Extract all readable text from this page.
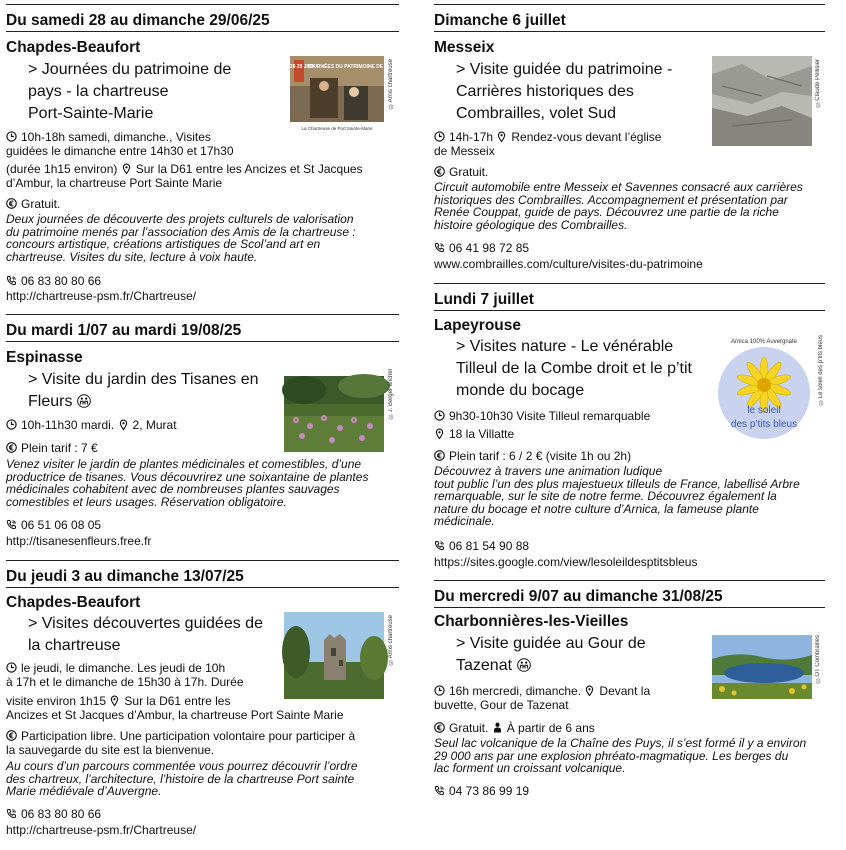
Du samedi 28 au dimanche 29/06/25
Chapdes-Beaufort
> Journées du patrimoine de
pays - la chartreuse
Port-Sainte-Marie
27 28 29 JUIN
La Chartreuse de Port Sainte-Marie
JOURNÉES DU PATRIMOINE DE PAYS
©Amis chartreuse
10h-18h samedi, dimanche., Visites
guidées le dimanche entre 14h30 et 17h30
(durée 1h15 environ) Sur la D61 entre les Ancizes et St Jacques
d’Ambur, la chartreuse Port Sainte Marie
Gratuit.
Deux journées de découverte des projets culturels de valorisation
du patrimoine menés par l’association des Amis de la chartreuse :
concours artistique, créations artistiques de Scol’and art en
chartreuse. Visites du site, lecture à voix haute.
06 83 80 80 66
http://chartreuse-psm.fr/Chartreuse/
Du mardi 1/07 au mardi 19/08/25
Espinasse
> Visite du jardin des Tisanes en
Fleurs	©J. Berger Michel
10h-11h30 mardi. 2, Murat
Plein tarif : 7 €
Venez visiter le jardin de plantes médicinales et comestibles, d’une
productrice de tisanes. Vous découvrirez une soixantaine de plantes
médicinales cohabitent avec de nombreuses plantes sauvages
comestibles et leurs usages. Réservation obligatoire.
06 51 06 08 05
http://tisanesenfleurs.free.fr
Du jeudi 3 au dimanche 13/07/25
Chapdes-Beaufort
> Visites découvertes guidées de
la chartreuse	©Amis chartreuse
le jeudi, le dimanche. Les jeudi de 10h
à 17h et le dimanche de 15h30 à 17h. Durée
visite environ 1h15 Sur la D61 entre les
Ancizes et St Jacques d’Ambur, la chartreuse Port Sainte Marie
Participation libre. Une participation volontaire pour participer à
la sauvegarde du site est la bienvenue.
Au cours d’un parcours commentée vous pourrez découvrir l’ordre
des chartreux, l’architecture, l’histoire de la chartreuse Port sainte
Marie médiévale d’Auvergne.
06 83 80 80 66
http://chartreuse-psm.fr/Chartreuse/
Dimanche 6 juillet
Messeix
> Visite guidée du patrimoine -
Carrières historiques des
Combrailles, volet Sud
©Claude Pellisier
14h-17h Rendez-vous devant l’église
de Messeix
Gratuit.
Circuit automobile entre Messeix et Savennes consacré aux carrières
historiques des Combrailles. Accompagnement et présentation par
Renée Couppat, guide de pays. Découvrez une partie de la riche
histoire géologique des Combrailles.
06 41 98 72 85
www.combrailles.com/culture/visites-du-patrimoine
Lundi 7 juillet
Lapeyrouse
> Visites nature - Le vénérable
Tilleul de la Combe droit et le p’tit
monde du bocage
Arnica 100% Auvergnate
le soleil
des p’tits bleus
©Le soleil des p’tits bleus
9h30-10h30 Visite Tilleul remarquable
18 la Villatte
Plein tarif : 6 / 2 € (visite 1h ou 2h)
Découvrez à travers une animation ludique
tout public l’un des plus majestueux tilleuls de France, labellisé Arbre
remarquable, sur le site de notre ferme. Découvrez également la
nature du bocage et notre culture d’Arnica, la fameuse plante
médicinale.
06 81 54 90 88
https://sites.google.com/view/lesoleildesptitsbleus
Du mercredi 9/07 au dimanche 31/08/25
Charbonnières-les-Vieilles
> Visite guidée au Gour de
Tazenat	©OT Combrailles
16h mercredi, dimanche. Devant la
buvette, Gour de Tazenat
Gratuit. À partir de 6 ans
Seul lac volcanique de la Chaîne des Puys, il s’est formé il y a environ
29 000 ans par une explosion phréato-magmatique. Les berges du
lac forment un croissant volcanique.
04 73 86 99 19
